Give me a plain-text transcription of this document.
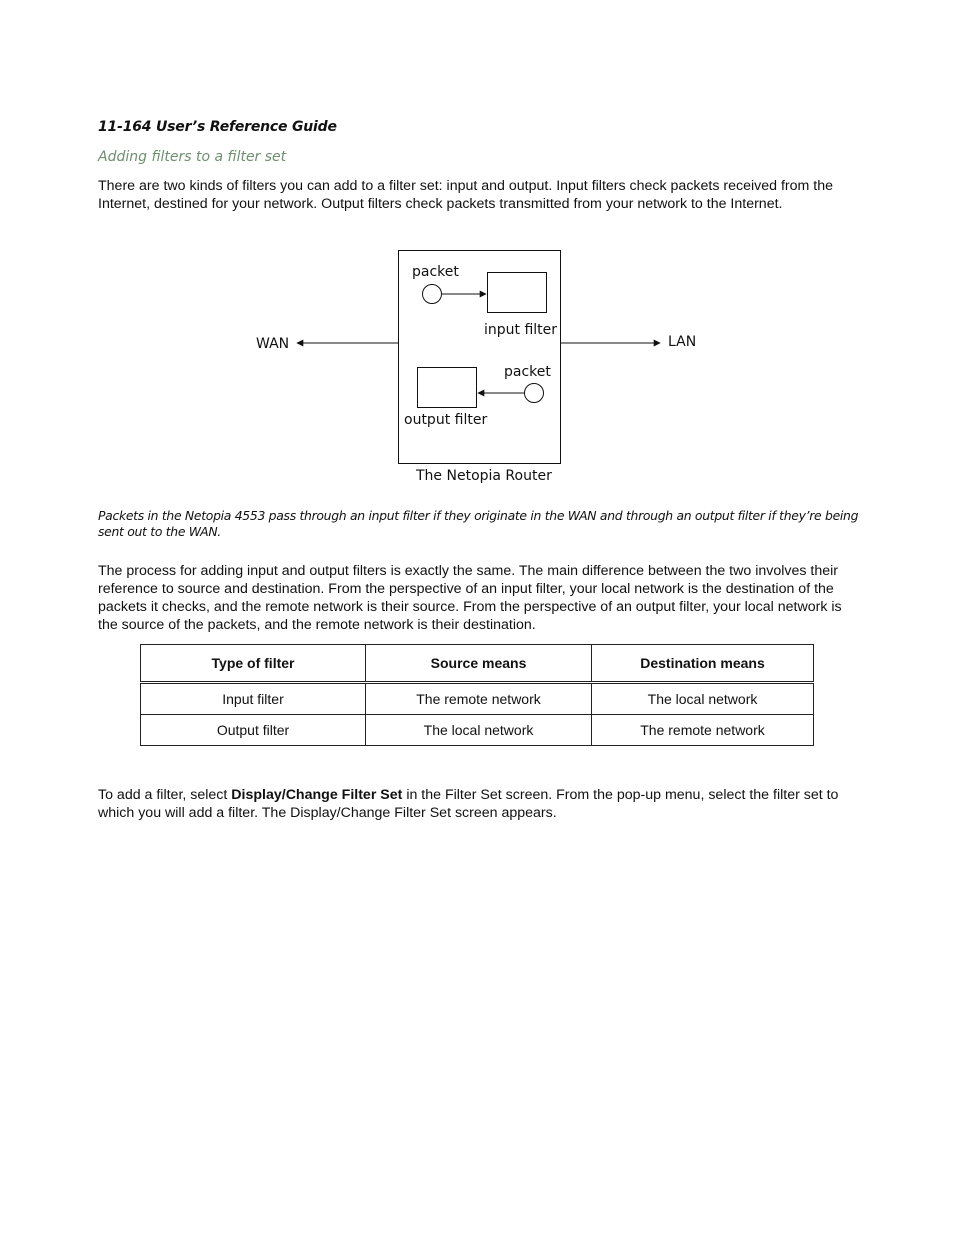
11-164 User’s Reference Guide
Adding filters to a filter set
There are two kinds of filters you can add to a filter set: input and output. Input filters check packets received from the Internet, destined for your network. Output filters check packets transmitted from your network to the Internet.
packet
input filter
packet
output filter
WAN	LAN
The Netopia Router
Packets in the Netopia 4553 pass through an input filter if they originate in the WAN and through an output filter if they’re being sent out to the WAN.
The process for adding input and output filters is exactly the same. The main difference between the two involves their reference to source and destination. From the perspective of an input filter, your local network is the destination of the packets it checks, and the remote network is their source. From the perspective of an output filter, your local network is the source of the packets, and the remote network is their destination.
Type of filter	Source means	Destination means
Input filter	The remote network	The local network
Output filter	The local network	The remote network
To add a filter, select Display/Change Filter Set in the Filter Set screen. From the pop-up menu, select the filter set to which you will add a filter. The Display/Change Filter Set screen appears.
